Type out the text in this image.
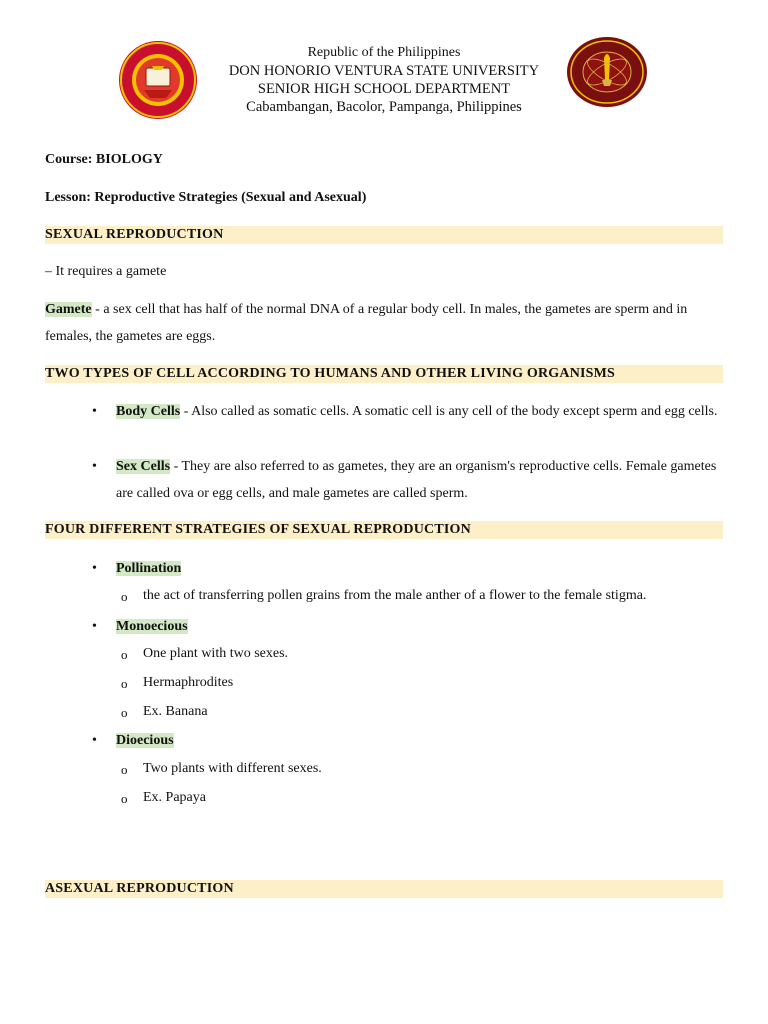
Republic of the Philippines
DON HONORIO VENTURA STATE UNIVERSITY
SENIOR HIGH SCHOOL DEPARTMENT
Cabambangan, Bacolor, Pampanga, Philippines
Course: BIOLOGY
Lesson: Reproductive Strategies (Sexual and Asexual)
SEXUAL REPRODUCTION
– It requires a gamete
Gamete - a sex cell that has half of the normal DNA of a regular body cell. In males, the gametes are sperm and in females, the gametes are eggs.
TWO TYPES OF CELL ACCORDING TO HUMANS AND OTHER LIVING ORGANISMS
• Body Cells - Also called as somatic cells. A somatic cell is any cell of the body except sperm and egg cells.
• Sex Cells - They are also referred to as gametes, they are an organism's reproductive cells. Female gametes are called ova or egg cells, and male gametes are called sperm.
FOUR DIFFERENT STRATEGIES OF SEXUAL REPRODUCTION
• Pollination
o the act of transferring pollen grains from the male anther of a flower to the female stigma.
• Monoecious
o One plant with two sexes.
o Hermaphrodites
o Ex. Banana
• Dioecious
o Two plants with different sexes.
o Ex. Papaya
ASEXUAL REPRODUCTION
